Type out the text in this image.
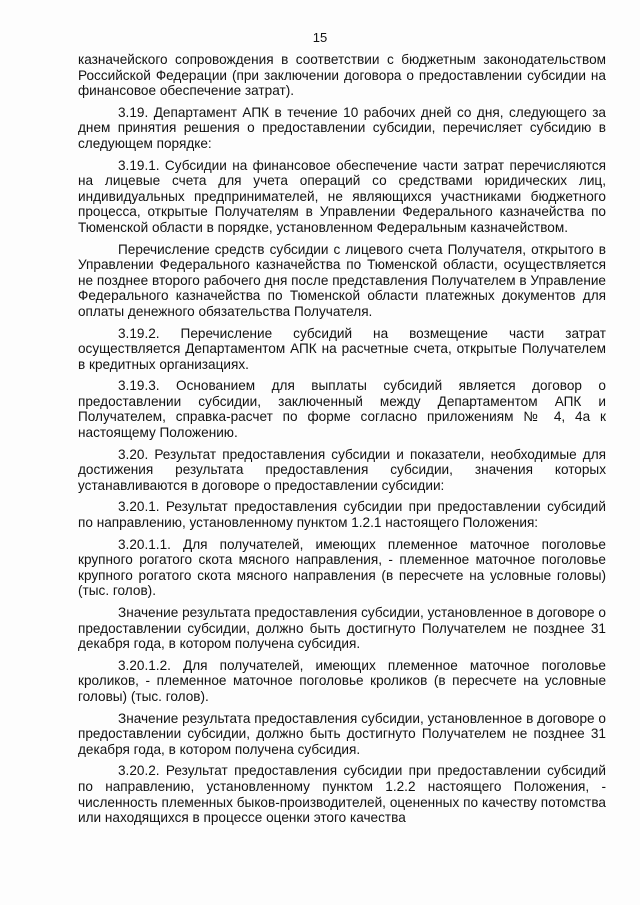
15

казначейского сопровождения в соответствии с бюджетным законодательством Российской Федерации (при заключении договора о предоставлении субсидии на финансовое обеспечение затрат).

3.19. Департамент АПК в течение 10 рабочих дней со дня, следующего за днем принятия решения о предоставлении субсидии, перечисляет субсидию в следующем порядке:

3.19.1. Субсидии на финансовое обеспечение части затрат перечисляются на лицевые счета для учета операций со средствами юридических лиц, индивидуальных предпринимателей, не являющихся участниками бюджетного процесса, открытые Получателям в Управлении Федерального казначейства по Тюменской области в порядке, установленном Федеральным казначейством.

Перечисление средств субсидии с лицевого счета Получателя, открытого в Управлении Федерального казначейства по Тюменской области, осуществляется не позднее второго рабочего дня после представления Получателем в Управление Федерального казначейства по Тюменской области платежных документов для оплаты денежного обязательства Получателя.

3.19.2. Перечисление субсидий на возмещение части затрат осуществляется Департаментом АПК на расчетные счета, открытые Получателем в кредитных организациях.

3.19.3. Основанием для выплаты субсидий является договор о предоставлении субсидии, заключенный между Департаментом АПК и Получателем, справка-расчет по форме согласно приложениям № 4, 4а к настоящему Положению.

3.20. Результат предоставления субсидии и показатели, необходимые для достижения результата предоставления субсидии, значения которых устанавливаются в договоре о предоставлении субсидии:

3.20.1. Результат предоставления субсидии при предоставлении субсидий по направлению, установленному пунктом 1.2.1 настоящего Положения:

3.20.1.1. Для получателей, имеющих племенное маточное поголовье крупного рогатого скота мясного направления, - племенное маточное поголовье крупного рогатого скота мясного направления (в пересчете на условные головы) (тыс. голов).

Значение результата предоставления субсидии, установленное в договоре о предоставлении субсидии, должно быть достигнуто Получателем не позднее 31 декабря года, в котором получена субсидия.

3.20.1.2. Для получателей, имеющих племенное маточное поголовье кроликов, - племенное маточное поголовье кроликов (в пересчете на условные головы) (тыс. голов).

Значение результата предоставления субсидии, установленное в договоре о предоставлении субсидии, должно быть достигнуто Получателем не позднее 31 декабря года, в котором получена субсидия.

3.20.2. Результат предоставления субсидии при предоставлении субсидий по направлению, установленному пунктом 1.2.2 настоящего Положения, - численность племенных быков-производителей, оцененных по качеству потомства или находящихся в процессе оценки этого качества
